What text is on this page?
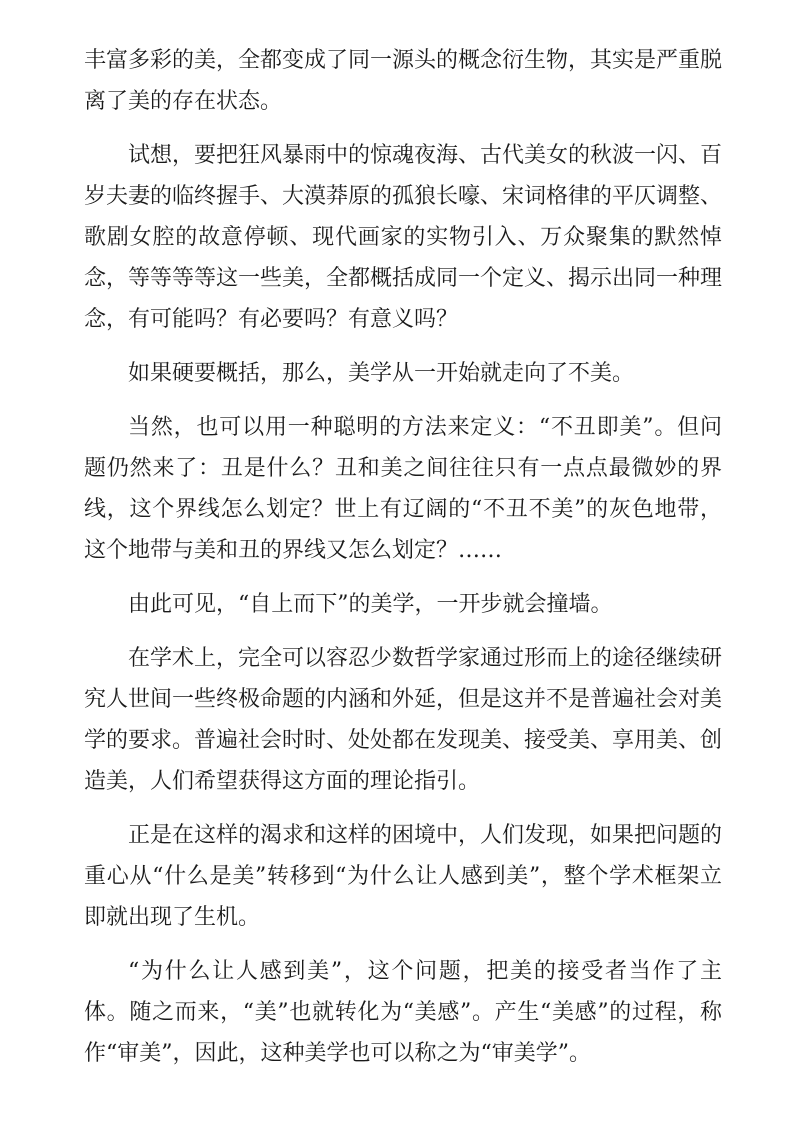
丰富多彩的美，全都变成了同一源头的概念衍生物，其实是严重脱离了美的存在状态。

试想，要把狂风暴雨中的惊魂夜海、古代美女的秋波一闪、百岁夫妻的临终握手、大漠莽原的孤狼长嚎、宋词格律的平仄调整、歌剧女腔的故意停顿、现代画家的实物引入、万众聚集的默然悼念，等等等等这一些美，全都概括成同一个定义、揭示出同一种理念，有可能吗？有必要吗？有意义吗？

如果硬要概括，那么，美学从一开始就走向了不美。

当然，也可以用一种聪明的方法来定义：“不丑即美”。但问题仍然来了：丑是什么？丑和美之间往往只有一点点最微妙的界线，这个界线怎么划定？世上有辽阔的“不丑不美”的灰色地带，这个地带与美和丑的界线又怎么划定？……

由此可见，“自上而下”的美学，一开步就会撞墙。

在学术上，完全可以容忍少数哲学家通过形而上的途径继续研究人世间一些终极命题的内涵和外延，但是这并不是普遍社会对美学的要求。普遍社会时时、处处都在发现美、接受美、享用美、创造美，人们希望获得这方面的理论指引。

正是在这样的渴求和这样的困境中，人们发现，如果把问题的重心从“什么是美”转移到“为什么让人感到美”，整个学术框架立即就出现了生机。

“为什么让人感到美”，这个问题，把美的接受者当作了主体。随之而来，“美”也就转化为“美感”。产生“美感”的过程，称作“审美”，因此，这种美学也可以称之为“审美学”。
